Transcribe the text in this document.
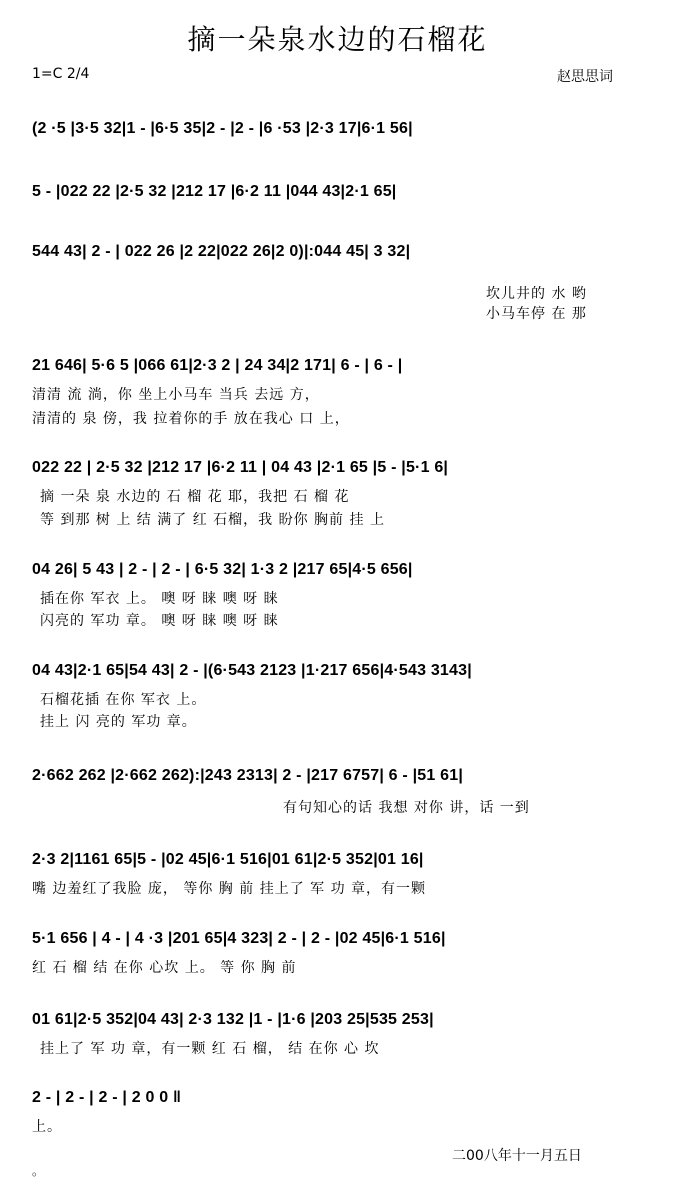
摘一朵泉水边的石榴花
1=C 2/4	赵思思词
(2 ·5 |3·5 32|1 - |6·5 35|2 - |2 - |6 ·53 |2·3 17|6·1 56|
5 - |022 22 |2·5 32 |212 17 |6·2 11 |044 43|2·1 65|
544 43| 2 - | 022 26 |2 22|022 26|2 0)|:044 45| 3 32|
坎儿井的 水 哟
小马车停 在 那
21 646| 5·6 5 |066 61|2·3 2 | 24 34|2 171| 6 - | 6 - |
清清 流 淌，你 坐上小马车 当兵 去远 方，
清清的 泉 傍，我 拉着你的手 放在我心 口 上，
022 22 | 2·5 32 |212 17 |6·2 11 | 04 43 |2·1 65 |5 - |5·1 6|
摘 一朵 泉 水边的 石 榴 花 耶，我把 石 榴 花
等 到那 树 上 结 满了 红 石榴，我 盼你 胸前 挂 上
04 26| 5 43 | 2 - | 2 - | 6·5 32| 1·3 2 |217 65|4·5 656|
插在你 军衣 上。 噢 呀 睐 噢 呀 睐
闪亮的 军功 章。 噢 呀 睐 噢 呀 睐
04 43|2·1 65|54 43| 2 - |(6·543 2123 |1·217 656|4·543 3143|
石榴花插 在你 军衣 上。
挂上 闪 亮的 军功 章。
2·662 262 |2·662 262):|243 2313| 2 - |217 6757| 6 - |51 61|
有句知心的话 我想 对你 讲，话 一到
2·3 2|1161 65|5 - |02 45|6·1 516|01 61|2·5 352|01 16|
嘴 边羞红了我脸 庞， 等你 胸 前 挂上了 军 功 章，有一颗
5·1 656 | 4 - | 4 ·3 |201 65|4 323| 2 - | 2 - |02 45|6·1 516|
红 石 榴 结 在你 心坎 上。 等 你 胸 前
01 61|2·5 352|04 43| 2·3 132 |1 - |1·6 |203 25|535 253|
挂上了 军 功 章，有一颗 红 石 榴， 结 在你 心 坎
2 - | 2 - | 2 - | 2 0 0 ‖
上。
二00八年十一月五日
。
